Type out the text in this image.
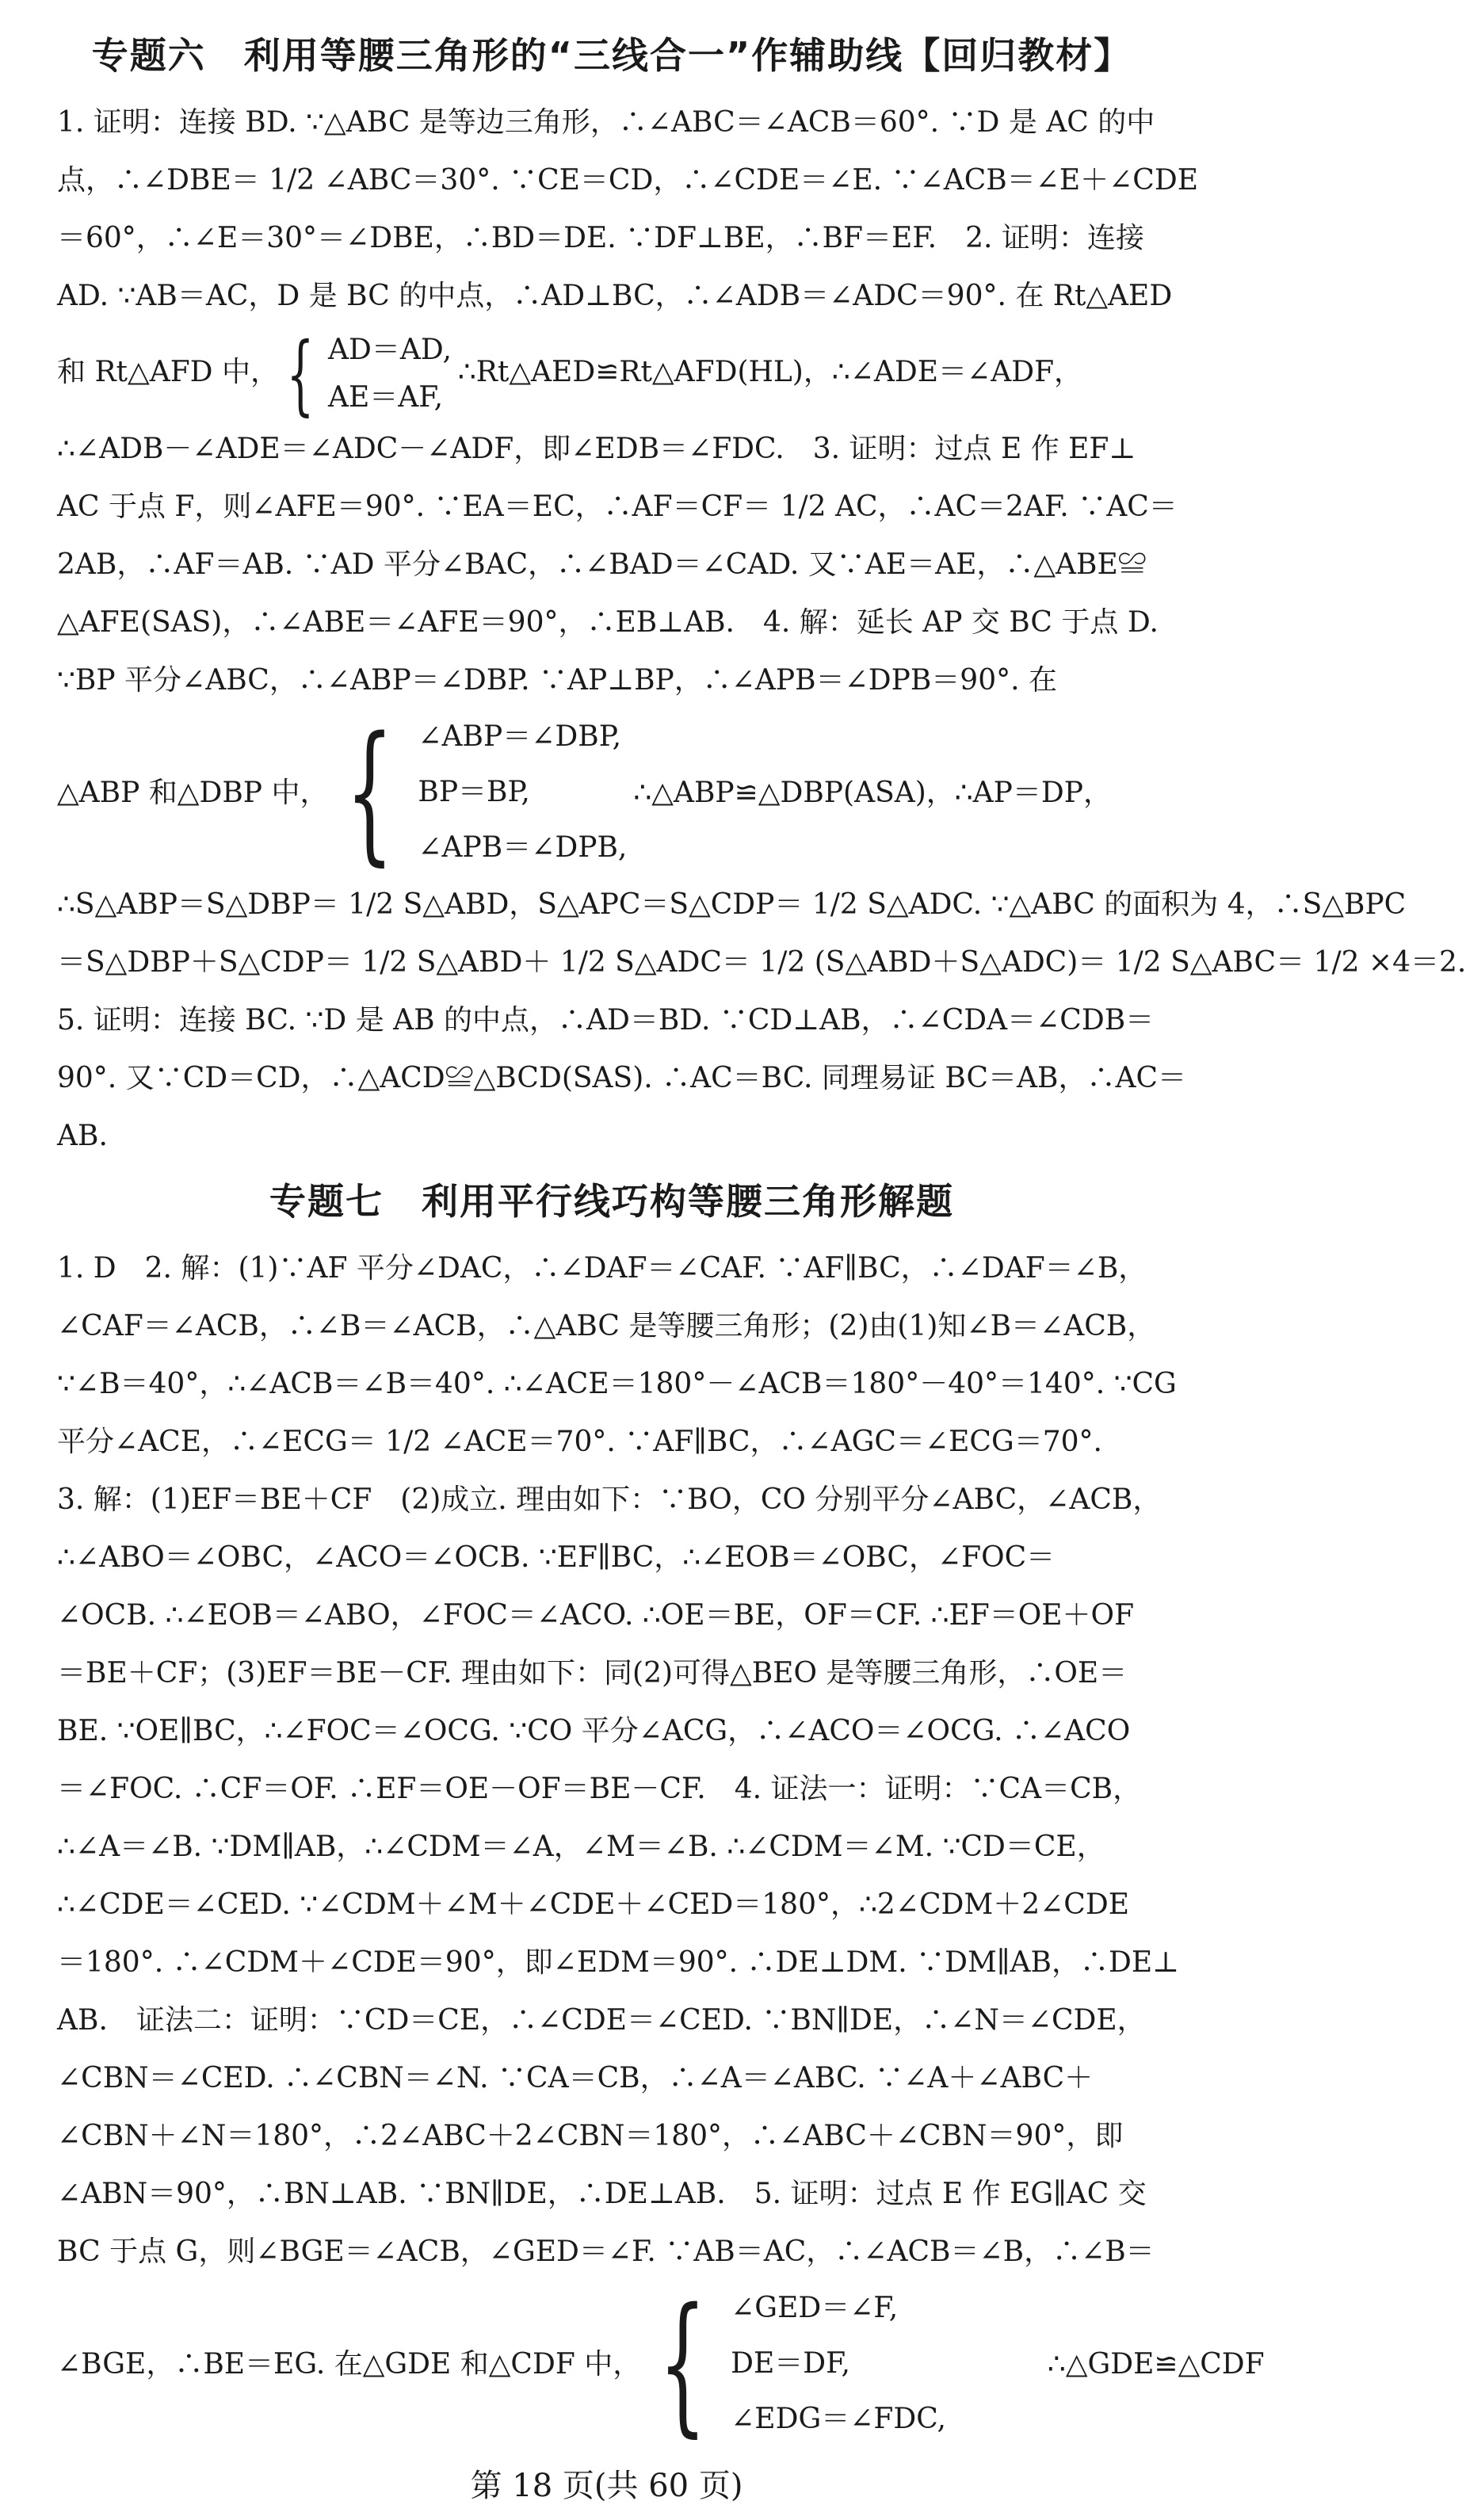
专题六　利用等腰三角形的“三线合一”作辅助线【回归教材】
1. 证明：连接 BD. ∵△ABC 是等边三角形，∴∠ABC＝∠ACB＝60°. ∵D 是 AC 的中
点，∴∠DBE＝ 1/2 ∠ABC＝30°. ∵CE＝CD，∴∠CDE＝∠E. ∵∠ACB＝∠E＋∠CDE
＝60°，∴∠E＝30°＝∠DBE，∴BD＝DE. ∵DF⊥BE，∴BF＝EF.　2. 证明：连接
AD. ∵AB＝AC，D 是 BC 的中点，∴AD⊥BC，∴∠ADB＝∠ADC＝90°. 在 Rt△AED
和 Rt△AFD 中，{ AD＝AD,
AE＝AF,
∴Rt△AED≌Rt△AFD(HL)，∴∠ADE＝∠ADF，
∴∠ADB－∠ADE＝∠ADC－∠ADF，即∠EDB＝∠FDC.　3. 证明：过点 E 作 EF⊥
AC 于点 F，则∠AFE＝90°. ∵EA＝EC，∴AF＝CF＝ 1/2 AC，∴AC＝2AF. ∵AC＝
2AB，∴AF＝AB. ∵AD 平分∠BAC，∴∠BAD＝∠CAD. 又∵AE＝AE，∴△ABE≌
△AFE(SAS)，∴∠ABE＝∠AFE＝90°，∴EB⊥AB.　4. 解：延长 AP 交 BC 于点 D.
∵BP 平分∠ABC，∴∠ABP＝∠DBP. ∵AP⊥BP，∴∠APB＝∠DPB＝90°. 在
△ABP 和△DBP 中， { ∠ABP＝∠DBP,
BP＝BP,
∠APB＝∠DPB,
∴△ABP≌△DBP(ASA)，∴AP＝DP，
∴S△ABP＝S△DBP＝ 1/2 S△ABD，S△APC＝S△CDP＝ 1/2 S△ADC. ∵△ABC 的面积为 4，∴S△BPC
＝S△DBP＋S△CDP＝ 1/2 S△ABD＋ 1/2 S△ADC＝ 1/2 (S△ABD＋S△ADC)＝ 1/2 S△ABC＝ 1/2 ×4＝2.
5. 证明：连接 BC. ∵D 是 AB 的中点，∴AD＝BD. ∵CD⊥AB，∴∠CDA＝∠CDB＝
90°. 又∵CD＝CD，∴△ACD≌△BCD(SAS). ∴AC＝BC. 同理易证 BC＝AB，∴AC＝
AB.
专题七　利用平行线巧构等腰三角形解题
1. D　2. 解：(1)∵AF 平分∠DAC，∴∠DAF＝∠CAF. ∵AF∥BC，∴∠DAF＝∠B，
∠CAF＝∠ACB，∴∠B＝∠ACB，∴△ABC 是等腰三角形；(2)由(1)知∠B＝∠ACB，
∵∠B＝40°，∴∠ACB＝∠B＝40°. ∴∠ACE＝180°－∠ACB＝180°－40°＝140°. ∵CG
平分∠ACE，∴∠ECG＝ 1/2 ∠ACE＝70°. ∵AF∥BC，∴∠AGC＝∠ECG＝70°.
3. 解：(1)EF＝BE＋CF　(2)成立. 理由如下：∵BO，CO 分别平分∠ABC，∠ACB，
∴∠ABO＝∠OBC，∠ACO＝∠OCB. ∵EF∥BC，∴∠EOB＝∠OBC，∠FOC＝
∠OCB. ∴∠EOB＝∠ABO，∠FOC＝∠ACO. ∴OE＝BE，OF＝CF. ∴EF＝OE＋OF
＝BE＋CF；(3)EF＝BE－CF. 理由如下：同(2)可得△BEO 是等腰三角形，∴OE＝
BE. ∵OE∥BC，∴∠FOC＝∠OCG. ∵CO 平分∠ACG，∴∠ACO＝∠OCG. ∴∠ACO
＝∠FOC. ∴CF＝OF. ∴EF＝OE－OF＝BE－CF.　4. 证法一：证明：∵CA＝CB，
∴∠A＝∠B. ∵DM∥AB，∴∠CDM＝∠A，∠M＝∠B. ∴∠CDM＝∠M. ∵CD＝CE，
∴∠CDE＝∠CED. ∵∠CDM＋∠M＋∠CDE＋∠CED＝180°，∴2∠CDM＋2∠CDE
＝180°. ∴∠CDM＋∠CDE＝90°，即∠EDM＝90°. ∴DE⊥DM. ∵DM∥AB，∴DE⊥
AB.　证法二：证明：∵CD＝CE，∴∠CDE＝∠CED. ∵BN∥DE，∴∠N＝∠CDE，
∠CBN＝∠CED. ∴∠CBN＝∠N. ∵CA＝CB，∴∠A＝∠ABC. ∵∠A＋∠ABC＋
∠CBN＋∠N＝180°，∴2∠ABC＋2∠CBN＝180°，∴∠ABC＋∠CBN＝90°，即
∠ABN＝90°，∴BN⊥AB. ∵BN∥DE，∴DE⊥AB.　5. 证明：过点 E 作 EG∥AC 交
BC 于点 G，则∠BGE＝∠ACB，∠GED＝∠F. ∵AB＝AC，∴∠ACB＝∠B，∴∠B＝
∠BGE，∴BE＝EG. 在△GDE 和△CDF 中， { ∠GED＝∠F,
DE＝DF,
∠EDG＝∠FDC,
∴△GDE≌△CDF
第 18 页(共 60 页)
